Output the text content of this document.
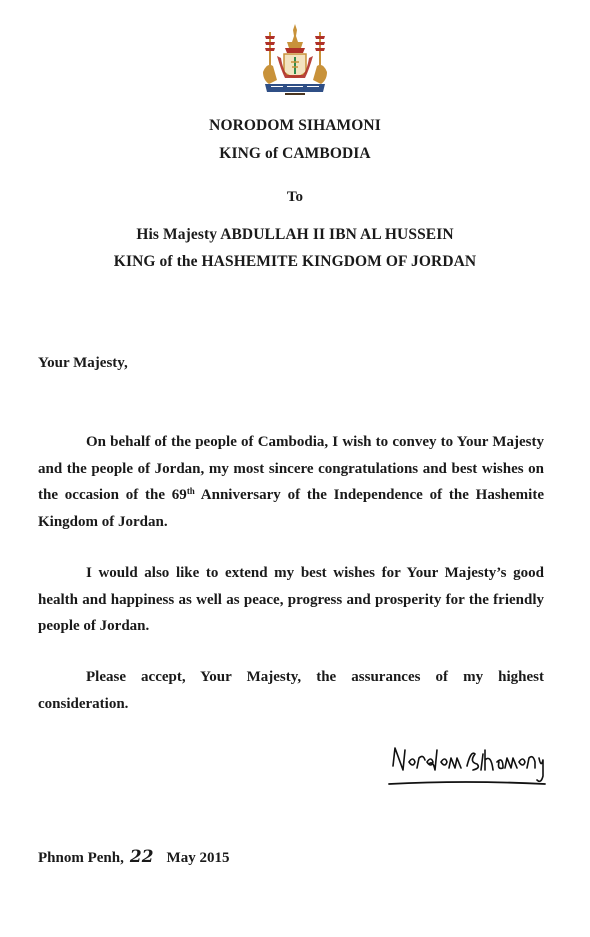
NORODOM SIHAMONI
KING of CAMBODIA
To
His Majesty ABDULLAH II IBN AL HUSSEIN
KING of the HASHEMITE KINGDOM OF JORDAN
Your Majesty,

On behalf of the people of Cambodia, I wish to convey to Your Majesty and the people of Jordan, my most sincere congratulations and best wishes on the occasion of the 69th Anniversary of the Independence of the Hashemite Kingdom of Jordan.

I would also like to extend my best wishes for Your Majesty’s good health and happiness as well as peace, progress and prosperity for the friendly people of Jordan.

Please accept, Your Majesty, the assurances of my highest consideration.

Phnom Penh, 22 May 2015
